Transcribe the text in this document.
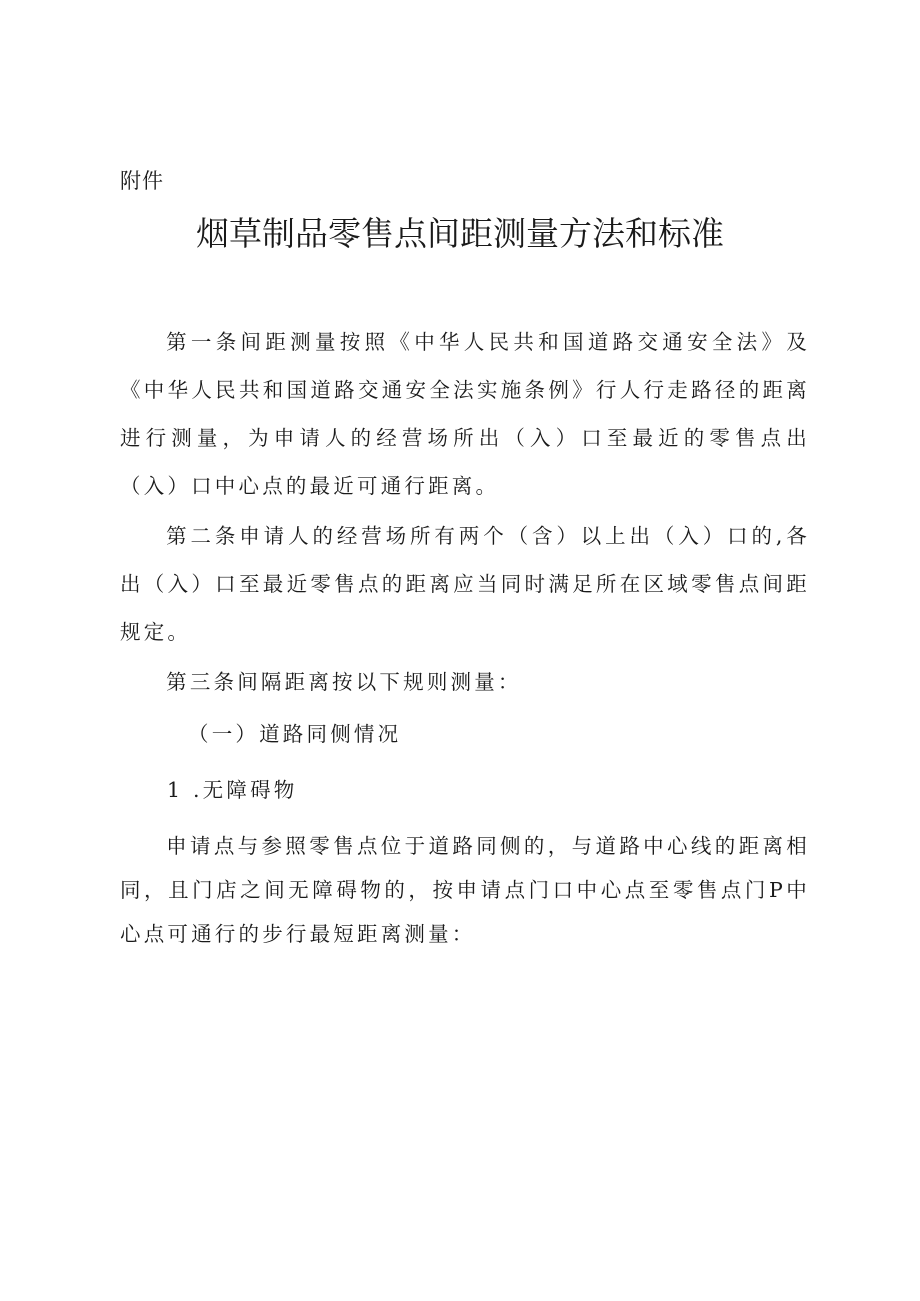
附件
烟草制品零售点间距测量方法和标准

第一条间距测量按照《中华人民共和国道路交通安全法》及《中华人民共和国道路交通安全法实施条例》行人行走路径的距离进行测量，为申请人的经营场所出（入）口至最近的零售点出（入）口中心点的最近可通行距离。

第二条申请人的经营场所有两个（含）以上出（入）口的,各出（入）口至最近零售点的距离应当同时满足所在区域零售点间距规定。

第三条间隔距离按以下规则测量：

（一）道路同侧情况

1 .无障碍物

申请点与参照零售点位于道路同侧的，与道路中心线的距离相同，且门店之间无障碍物的，按申请点门口中心点至零售点门P中心点可通行的步行最短距离测量：
